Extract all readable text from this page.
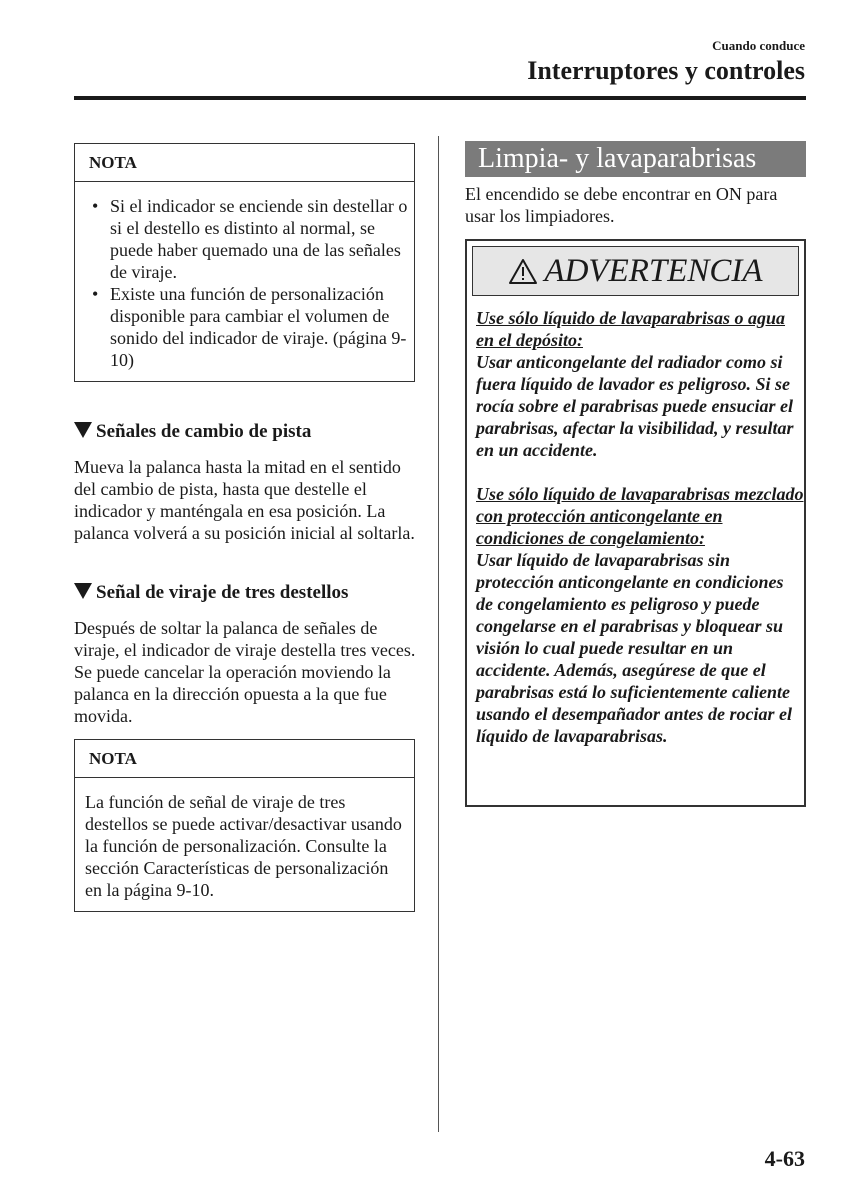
Cuando conduce
Interruptores y controles
NOTA
• Si el indicador se enciende sin destellar o si el destello es distinto al normal, se puede haber quemado una de las señales de viraje.
• Existe una función de personalización disponible para cambiar el volumen de sonido del indicador de viraje. (página 9-10)
Señales de cambio de pista
Mueva la palanca hasta la mitad en el sentido del cambio de pista, hasta que destelle el indicador y manténgala en esa posición. La palanca volverá a su posición inicial al soltarla.
Señal de viraje de tres destellos
Después de soltar la palanca de señales de viraje, el indicador de viraje destella tres veces. Se puede cancelar la operación moviendo la palanca en la dirección opuesta a la que fue movida.
NOTA
La función de señal de viraje de tres destellos se puede activar/desactivar usando la función de personalización. Consulte la sección Características de personalización en la página 9-10.
Limpia- y lavaparabrisas
El encendido se debe encontrar en ON para usar los limpiadores.
ADVERTENCIA

Use sólo líquido de lavaparabrisas o agua en el depósito:
Usar anticongelante del radiador como si fuera líquido de lavador es peligroso. Si se rocía sobre el parabrisas puede ensuciar el parabrisas, afectar la visibilidad, y resultar en un accidente.

Use sólo líquido de lavaparabrisas mezclado con protección anticongelante en condiciones de congelamiento:
Usar líquido de lavaparabrisas sin protección anticongelante en condiciones de congelamiento es peligroso y puede congelarse en el parabrisas y bloquear su visión lo cual puede resultar en un accidente. Además, asegúrese de que el parabrisas está lo suficientemente caliente usando el desempañador antes de rociar el líquido de lavaparabrisas.

4-63
